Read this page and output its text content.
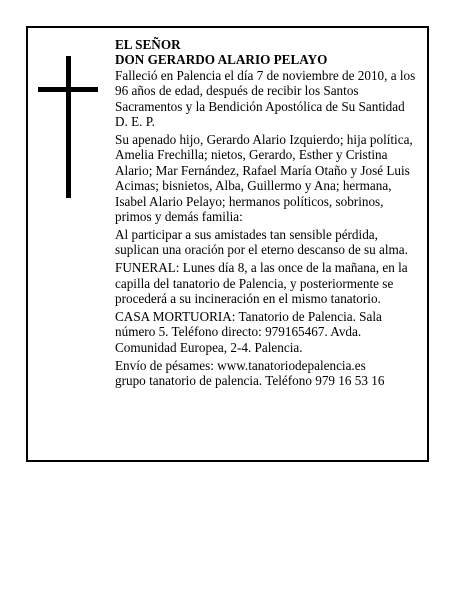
EL SEÑOR
DON GERARDO ALARIO PELAYO

Falleció en Palencia el día 7 de noviembre de 2010, a los 96 años de edad, después de recibir los Santos Sacramentos y la Bendición Apostólica de Su Santidad D. E. P.

Su apenado hijo, Gerardo Alario Izquierdo; hija política, Amelia Frechilla; nietos, Gerardo, Esther y Cristina Alario; Mar Fernández, Rafael María Otaño y José Luis Acimas; bisnietos, Alba, Guillermo y Ana; hermana, Isabel Alario Pelayo; hermanos políticos, sobrinos, primos y demás familia:

Al participar a sus amistades tan sensible pérdida, suplican una oración por el eterno descanso de su alma.

FUNERAL: Lunes día 8, a las once de la mañana, en la capilla del tanatorio de Palencia, y posteriormente se procederá a su incineración en el mismo tanatorio.

CASA MORTUORIA: Tanatorio de Palencia. Sala número 5. Teléfono directo: 979165467. Avda. Comunidad Europea, 2-4. Palencia.

Envío de pésames: www.tanatoriodepalencia.es
grupo tanatorio de palencia. Teléfono 979 16 53 16
